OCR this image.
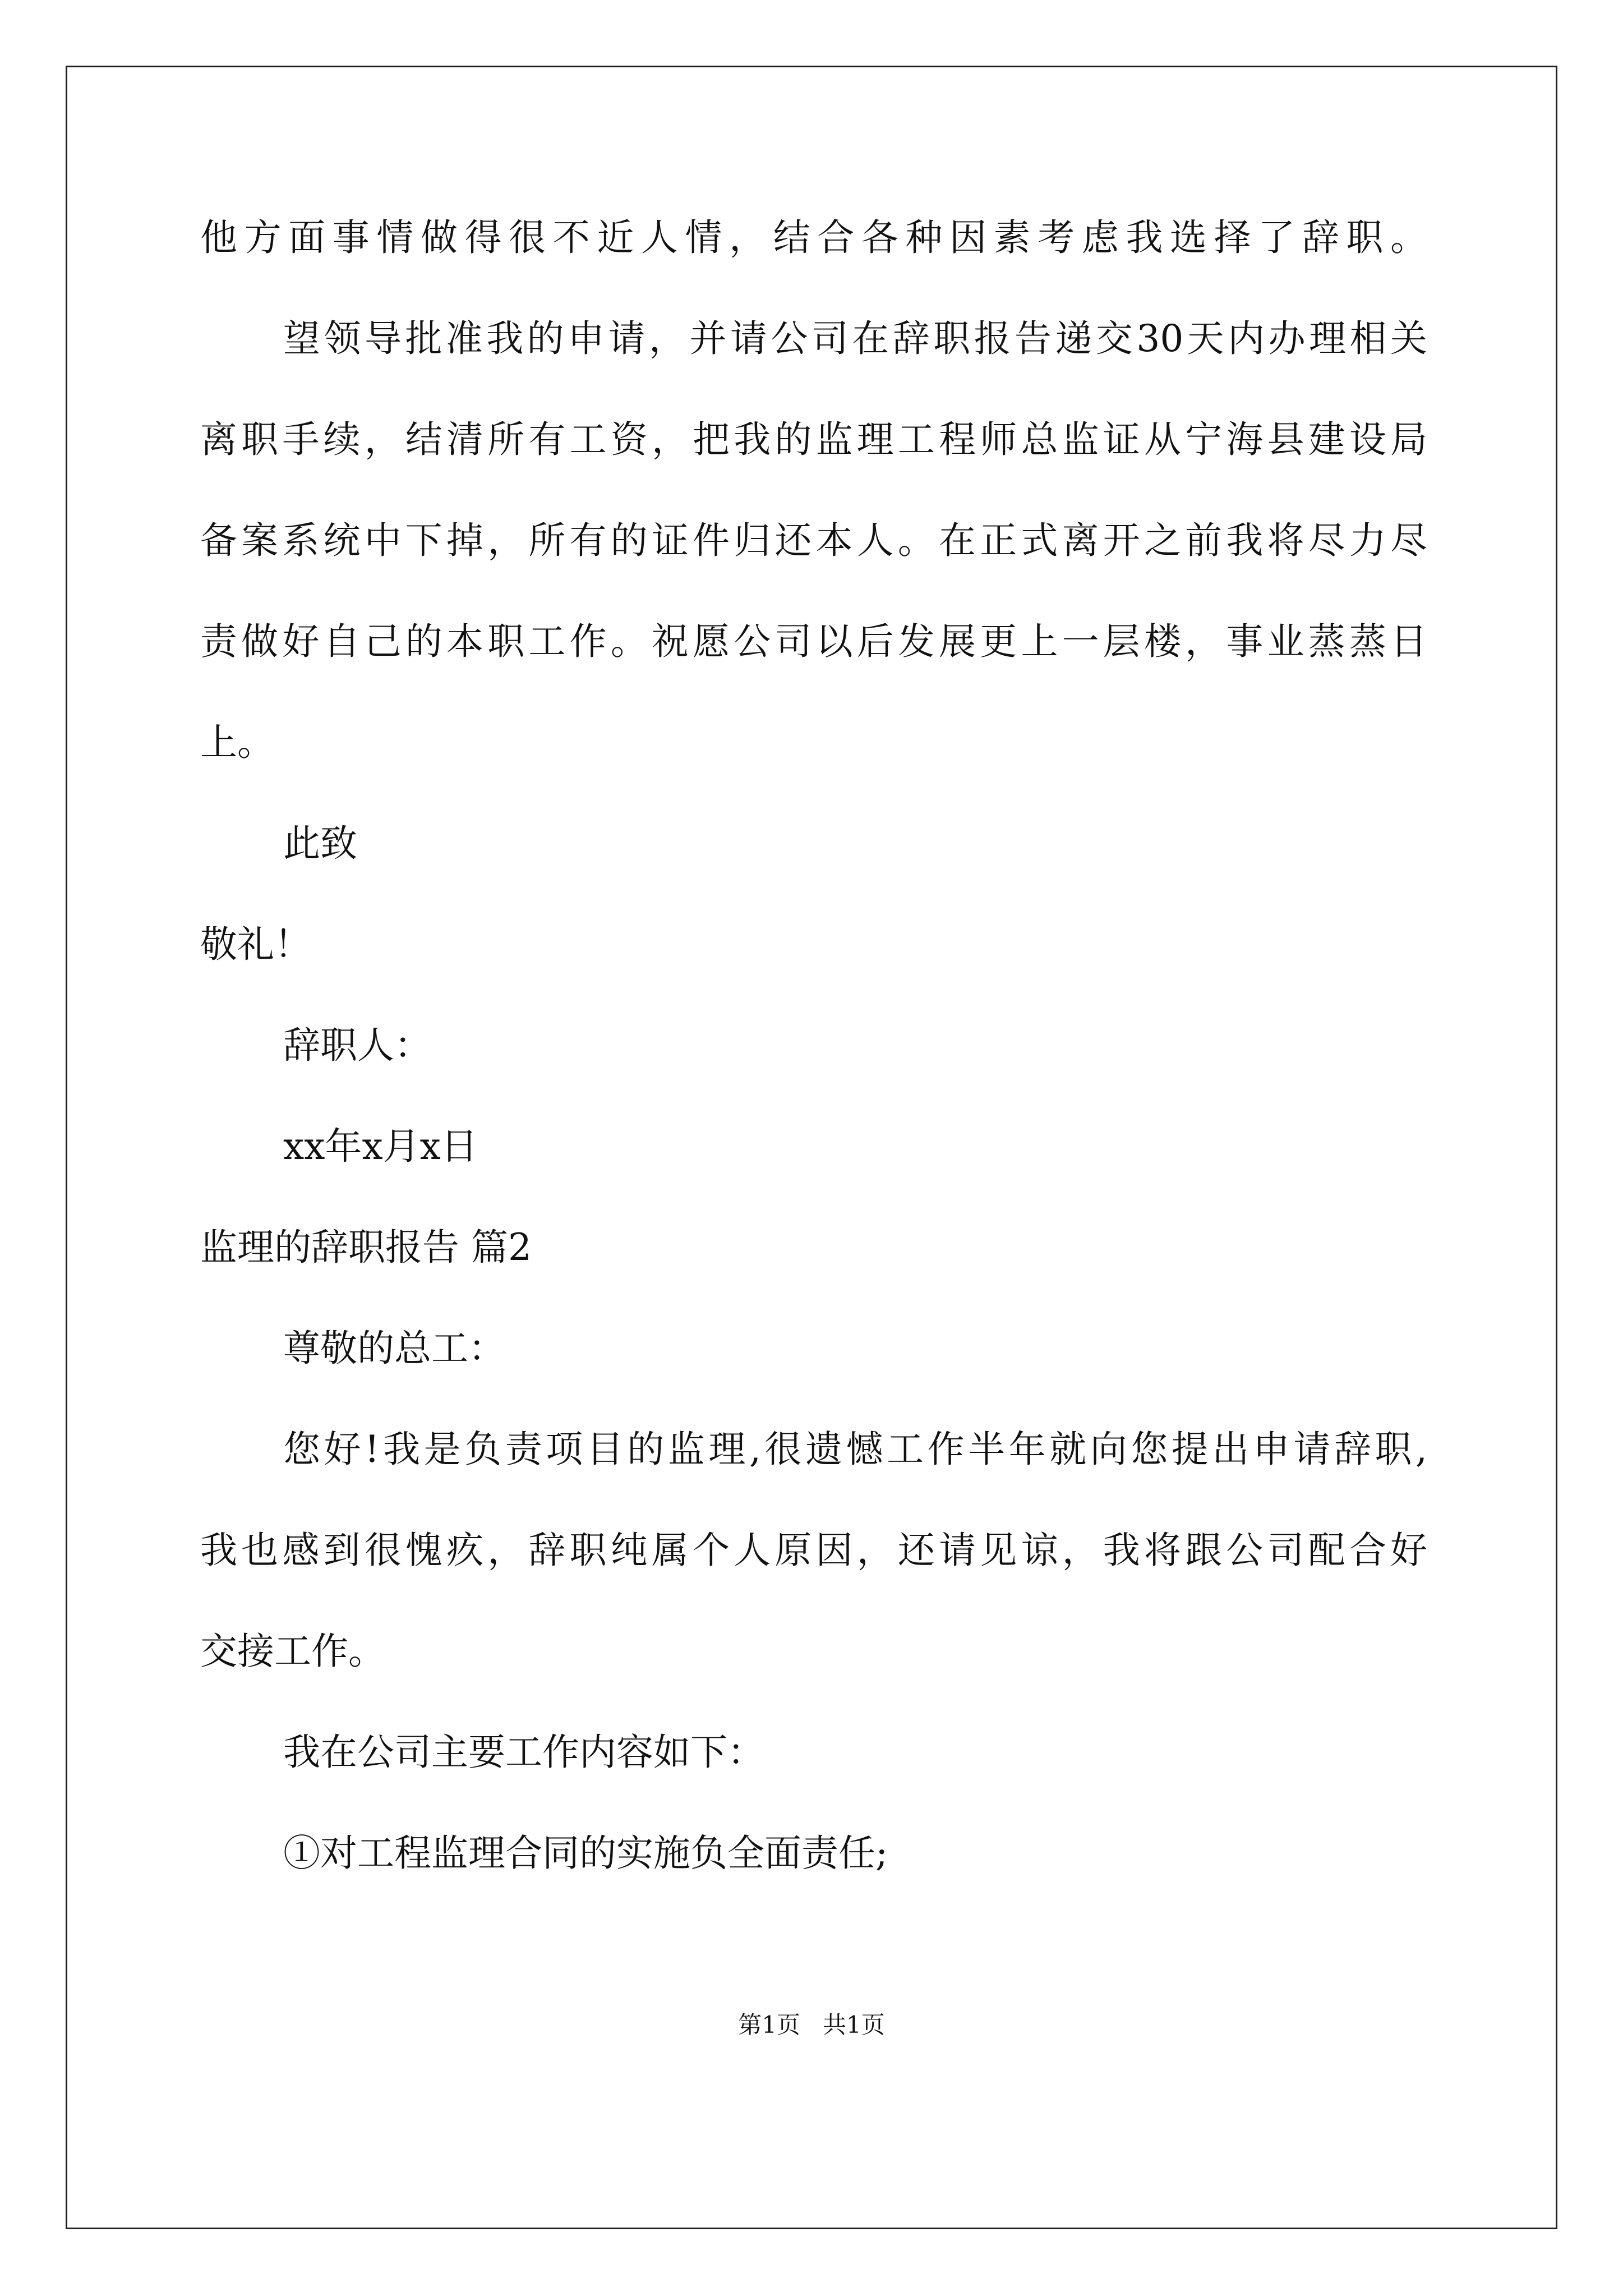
他方面事情做得很不近人情，结合各种因素考虑我选择了辞职。
望领导批准我的申请，并请公司在辞职报告递交30天内办理相关
离职手续，结清所有工资，把我的监理工程师总监证从宁海县建设局
备案系统中下掉，所有的证件归还本人。在正式离开之前我将尽力尽
责做好自己的本职工作。祝愿公司以后发展更上一层楼，事业蒸蒸日
上。
此致
敬礼！
辞职人：
xx年x月x日
监理的辞职报告 篇2
尊敬的总工：
您好!我是负责项目的监理,很遗憾工作半年就向您提出申请辞职,
我也感到很愧疚，辞职纯属个人原因，还请见谅，我将跟公司配合好
交接工作。
我在公司主要工作内容如下：
①对工程监理合同的实施负全面责任;
第1页   共1页
